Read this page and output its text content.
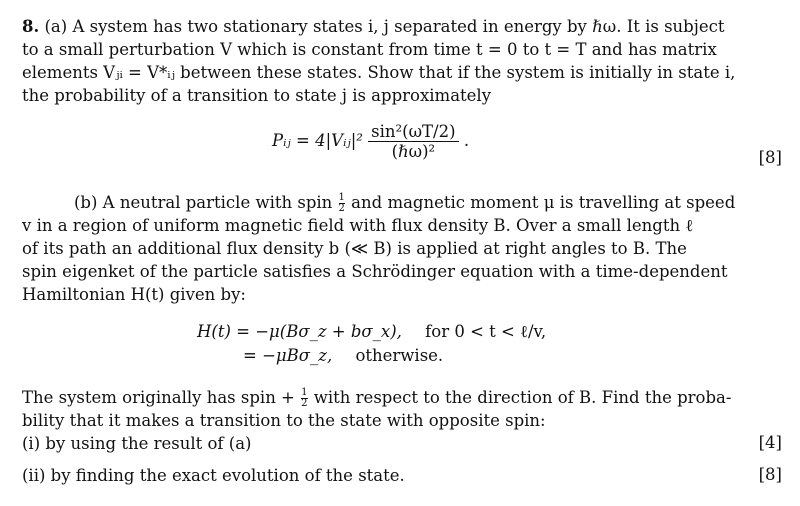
8. (a) A system has two stationary states i, j separated in energy by ℏω. It is subject
to a small perturbation V which is constant from time t = 0 to t = T and has matrix
elements Vⱼᵢ = V*ᵢⱼ between these states. Show that if the system is initially in state i,
the probability of a transition to state j is approximately
Pᵢⱼ = 4|Vᵢⱼ|² $\frac{\text{sin²(ωT/2)}}{\text{(ℏω)²}}$ .
[8]
(b) A neutral particle with spin $\frac{1}{2}$ and magnetic moment μ is travelling at speed
v in a region of uniform magnetic field with flux density B. Over a small length ℓ
of its path an additional flux density b (≪ B) is applied at right angles to B. The
spin eigenket of the particle satisfies a Schrödinger equation with a time-dependent
Hamiltonian H(t) given by:
H(t) = −μ(Bσ_z + bσ_x), for 0 < t < ℓ/v,
= −μBσ_z, otherwise.
The system originally has spin + $\frac{1}{2}$ with respect to the direction of B. Find the proba-
bility that it makes a transition to the state with opposite spin:
(i) by using the result of (a)	[4]
(ii) by finding the exact evolution of the state.	[8]
